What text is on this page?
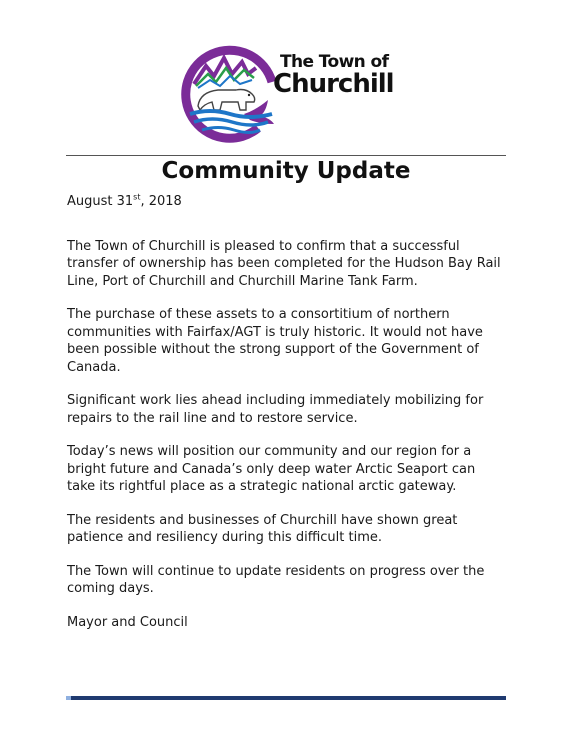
The Town of
Churchill
Community Update

August 31st, 2018

The Town of Churchill is pleased to confirm that a successful transfer of ownership has been completed for the Hudson Bay Rail Line, Port of Churchill and Churchill Marine Tank Farm.

The purchase of these assets to a consortitium of northern communities with Fairfax/AGT is truly historic. It would not have been possible without the strong support of the Government of Canada.

Significant work lies ahead including immediately mobilizing for repairs to the rail line and to restore service.

Today’s news will position our community and our region for a bright future and Canada’s only deep water Arctic Seaport can take its rightful place as a strategic national arctic gateway.

The residents and businesses of Churchill have shown great patience and resiliency during this difficult time.

The Town will continue to update residents on progress over the coming days.

Mayor and Council
